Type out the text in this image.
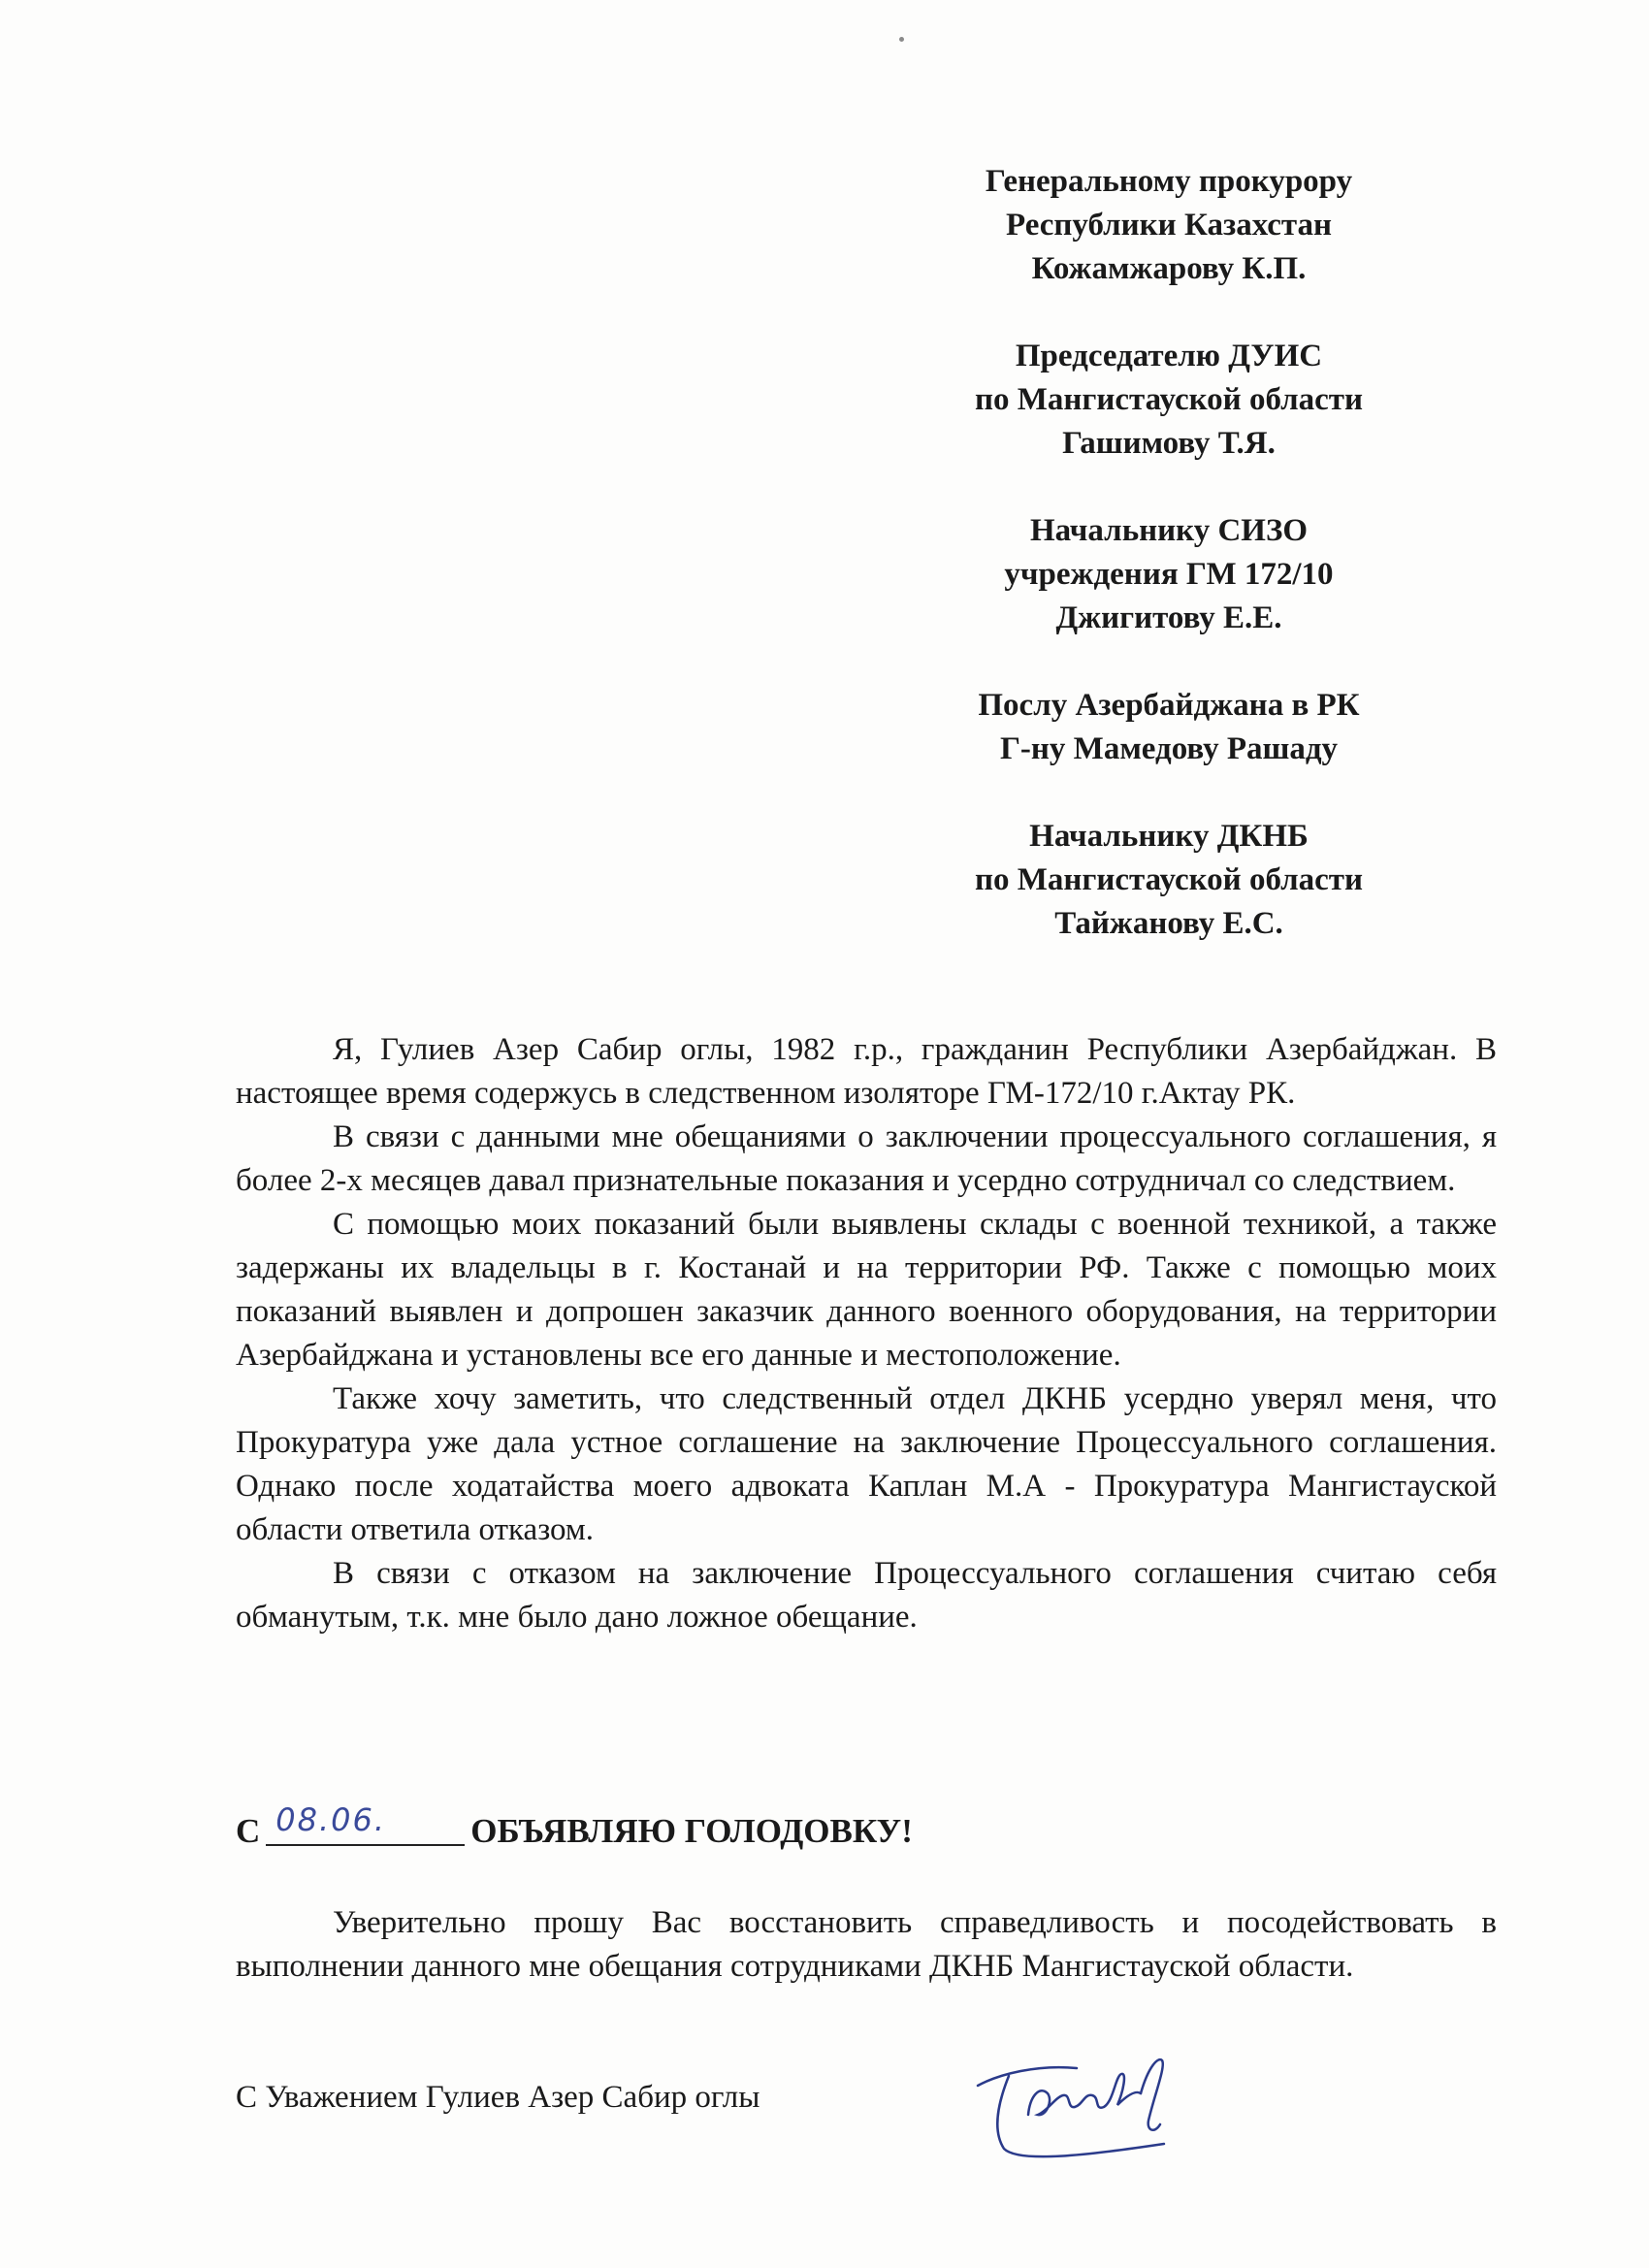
Генеральному прокурору
Республики Казахстан
Кожамжарову К.П.
Председателю ДУИС
по Мангистауской области
Гашимову Т.Я.
Начальнику СИЗО
учреждения ГМ 172/10
Джигитову Е.Е.
Послу Азербайджана в РК
Г-ну Мамедову Рашаду
Начальнику ДКНБ
по Мангистауской области
Тайжанову Е.С.

Я, Гулиев Азер Сабир оглы, 1982 г.р., гражданин Республики Азербайджан. В настоящее время содержусь в следственном изоляторе ГМ-172/10 г.Актау РК.

В связи с данными мне обещаниями о заключении процессуального соглашения, я более 2-х месяцев давал признательные показания и усердно сотрудничал со следствием.

С помощью моих показаний были выявлены склады с военной техникой, а также задержаны их владельцы в г. Костанай и на территории РФ. Также с помощью моих показаний выявлен и допрошен заказчик данного военного оборудования, на территории Азербайджана и установлены все его данные и местоположение.

Также хочу заметить, что следственный отдел ДКНБ усердно уверял меня, что Прокуратура уже дала устное соглашение на заключение Процессуального соглашения. Однако после ходатайства моего адвоката Каплан М.А - Прокуратура Мангистауской области ответила отказом.

В связи с отказом на заключение Процессуального соглашения считаю себя обманутым, т.к. мне было дано ложное обещание.

С 08.06. ОБЪЯВЛЯЮ ГОЛОДОВКУ!

Уверительно прошу Вас восстановить справедливость и посодействовать в выполнении данного мне обещания сотрудниками ДКНБ Мангистауской области.

С Уважением Гулиев Азер Сабир оглы
